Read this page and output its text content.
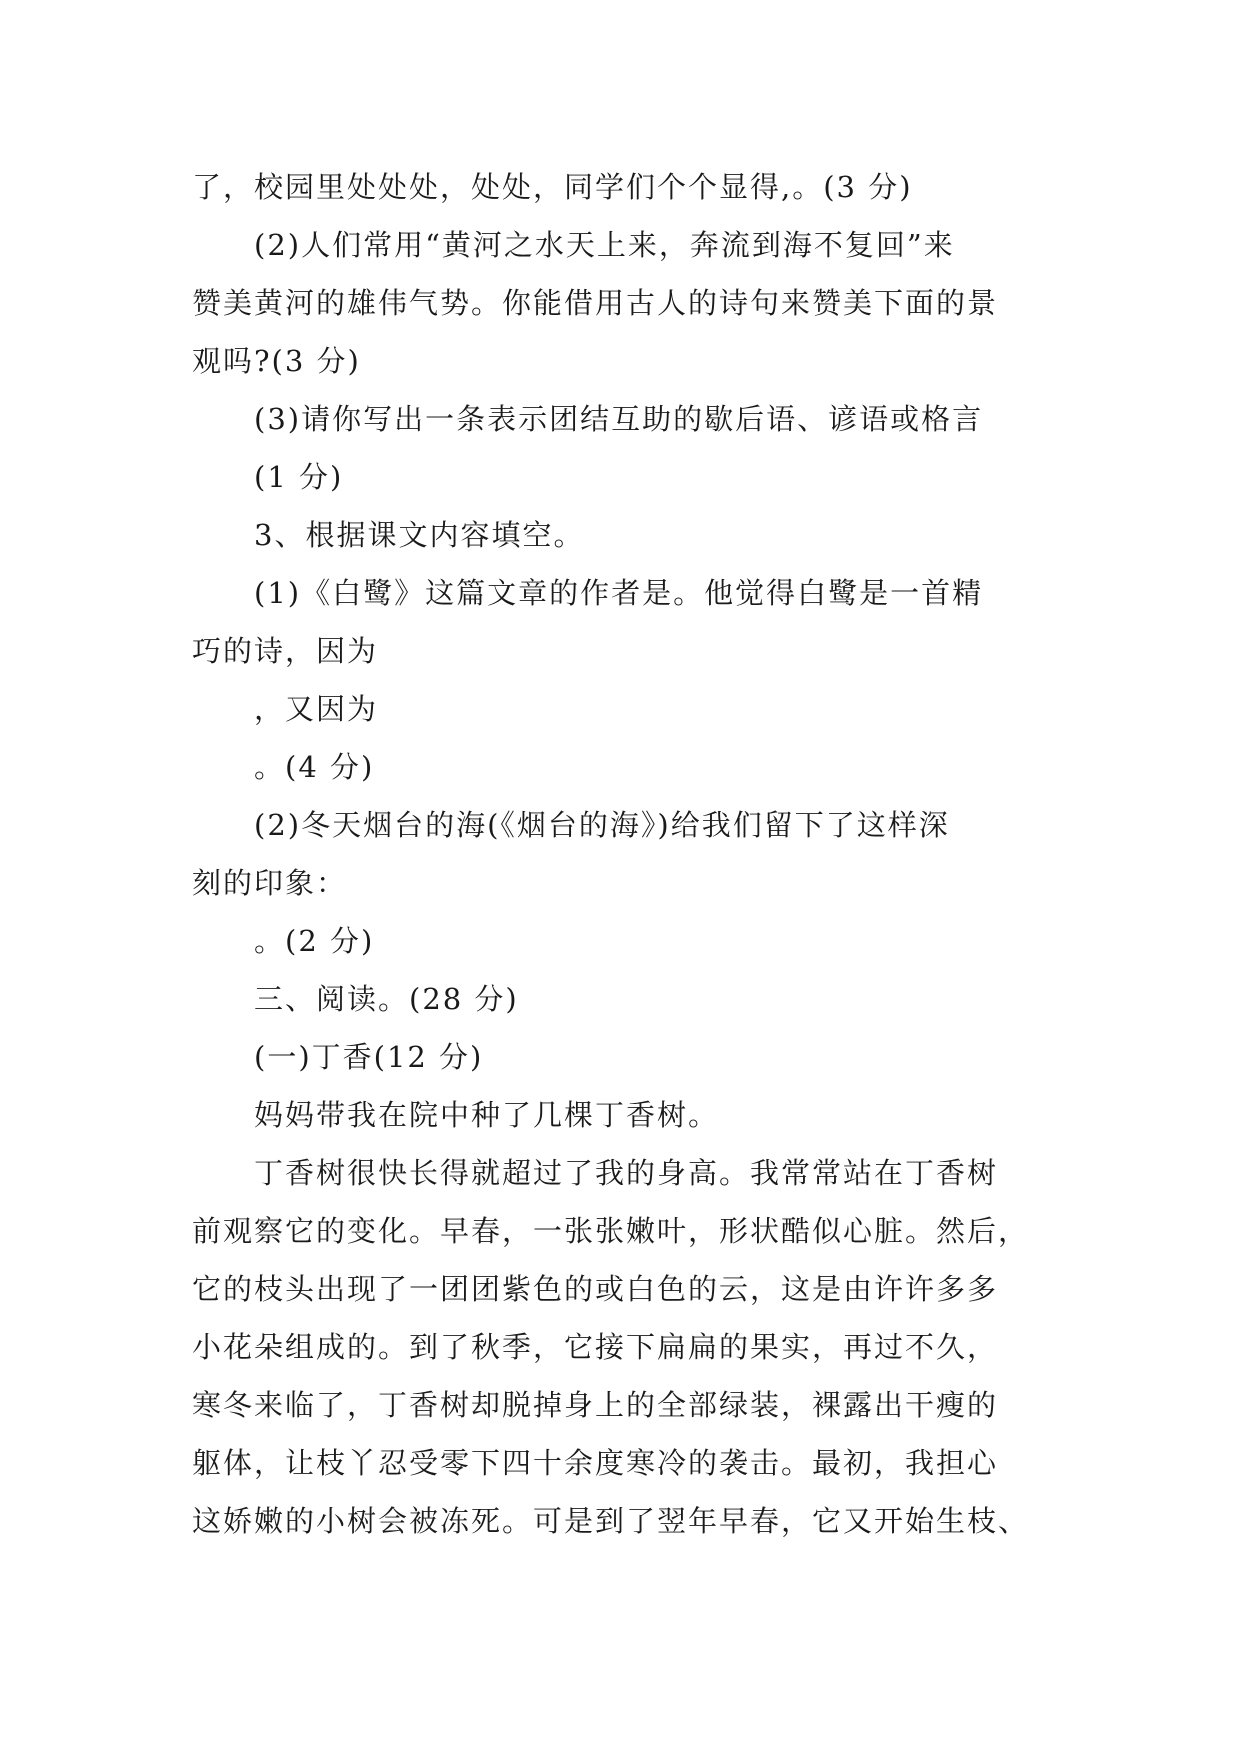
了，校园里处处处，处处，同学们个个显得,。(3 分)

(2)人们常用“黄河之水天上来，奔流到海不复回”来

赞美黄河的雄伟气势。你能借用古人的诗句来赞美下面的景

观吗?(3 分)

(3)请你写出一条表示团结互助的歇后语、谚语或格言

(1 分)

3、根据课文内容填空。

(1)《白鹭》这篇文章的作者是。他觉得白鹭是一首精

巧的诗，因为

，又因为

。(4 分)

(2)冬天烟台的海(《烟台的海》)给我们留下了这样深

刻的印象：

。(2 分)

三、阅读。(28 分)

(一)丁香(12 分)

妈妈带我在院中种了几棵丁香树。

丁香树很快长得就超过了我的身高。我常常站在丁香树

前观察它的变化。早春，一张张嫩叶，形状酷似心脏。然后，

它的枝头出现了一团团紫色的或白色的云，这是由许许多多

小花朵组成的。到了秋季，它接下扁扁的果实，再过不久，

寒冬来临了，丁香树却脱掉身上的全部绿装，裸露出干瘦的

躯体，让枝丫忍受零下四十余度寒冷的袭击。最初，我担心

这娇嫩的小树会被冻死。可是到了翌年早春，它又开始生枝、
